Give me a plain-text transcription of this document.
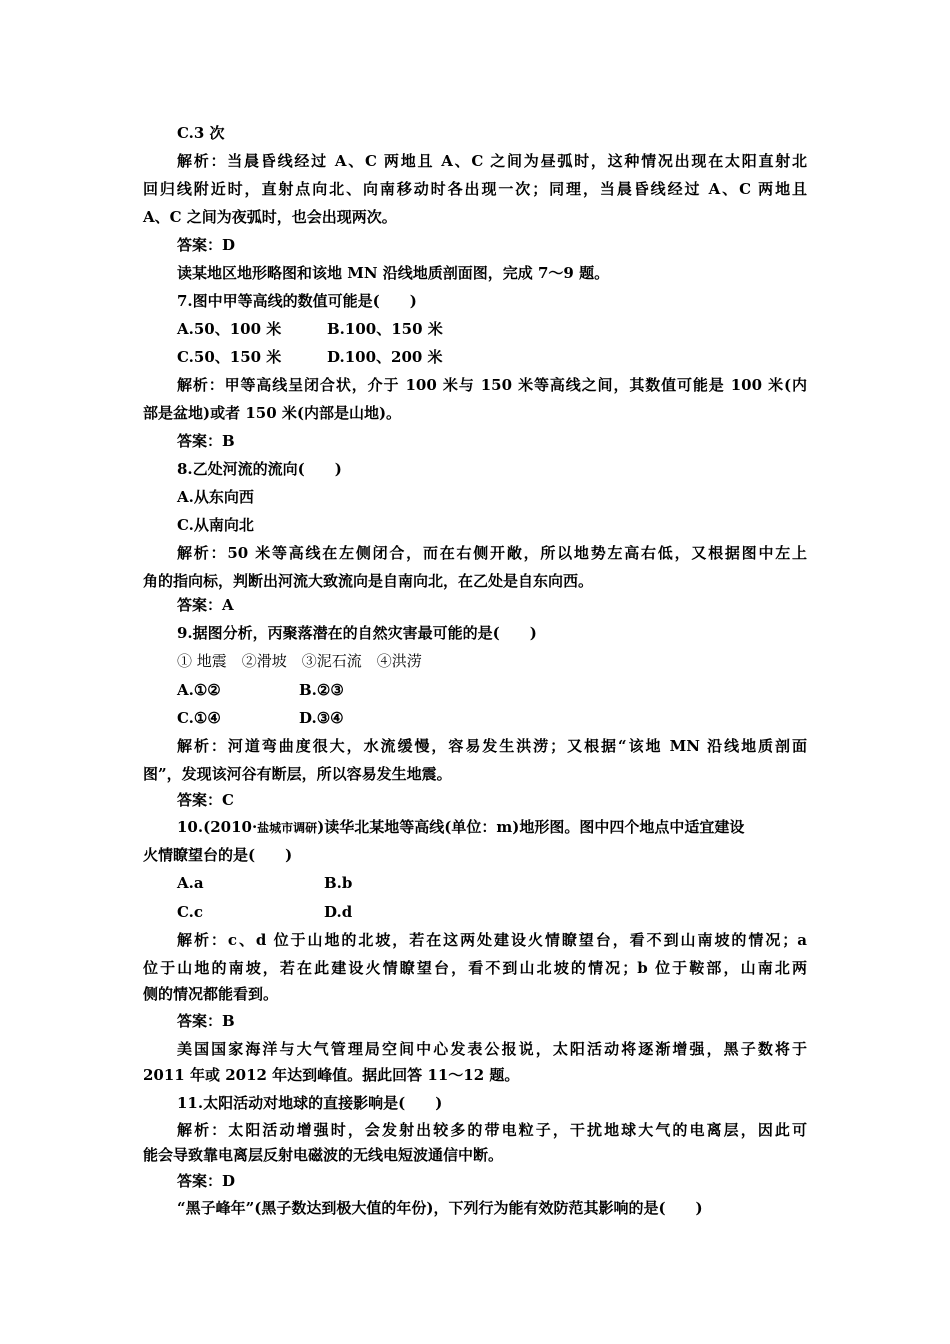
C.3 次
解析：当晨昏线经过 A、C 两地且 A、C 之间为昼弧时，这种情况出现在太阳直射北
回归线附近时，直射点向北、向南移动时各出现一次；同理，当晨昏线经过 A、C 两地且
A、C 之间为夜弧时，也会出现两次。
答案：D
读某地区地形略图和该地 MN 沿线地质剖面图，完成 7～9 题。
7.图中甲等高线的数值可能是(　　)
A.50、100 米	B.100、150 米
C.50、150 米	D.100、200 米
解析：甲等高线呈闭合状，介于 100 米与 150 米等高线之间，其数值可能是 100 米(内
部是盆地)或者 150 米(内部是山地)。
答案：B
8.乙处河流的流向(　　)
A.从东向西
C.从南向北
解析：50 米等高线在左侧闭合，而在右侧开敞，所以地势左高右低，又根据图中左上
角的指向标，判断出河流大致流向是自南向北，在乙处是自东向西。
答案：A
9.据图分析，丙聚落潜在的自然灾害最可能的是(　　)
① 地震　②滑坡　③泥石流　④洪涝
A.①②	B.②③
C.①④	D.③④
解析：河道弯曲度很大，水流缓慢，容易发生洪涝；又根据“该地 MN 沿线地质剖面
图”，发现该河谷有断层，所以容易发生地震。
答案：C
10.(2010·盐城市调研)读华北某地等高线(单位：m)地形图。图中四个地点中适宜建设
火情瞭望台的是(　　)
A.a	B.b
C.c	D.d
解析：c、d 位于山地的北坡，若在这两处建设火情瞭望台，看不到山南坡的情况；a
位于山地的南坡，若在此建设火情瞭望台，看不到山北坡的情况；b 位于鞍部，山南北两
侧的情况都能看到。
答案：B
美国国家海洋与大气管理局空间中心发表公报说，太阳活动将逐渐增强，黑子数将于
2011 年或 2012 年达到峰值。据此回答 11～12 题。
11.太阳活动对地球的直接影响是(　　)
解析：太阳活动增强时，会发射出较多的带电粒子，干扰地球大气的电离层，因此可
能会导致靠电离层反射电磁波的无线电短波通信中断。
答案：D
“黑子峰年”(黑子数达到极大值的年份)，下列行为能有效防范其影响的是(　　)
